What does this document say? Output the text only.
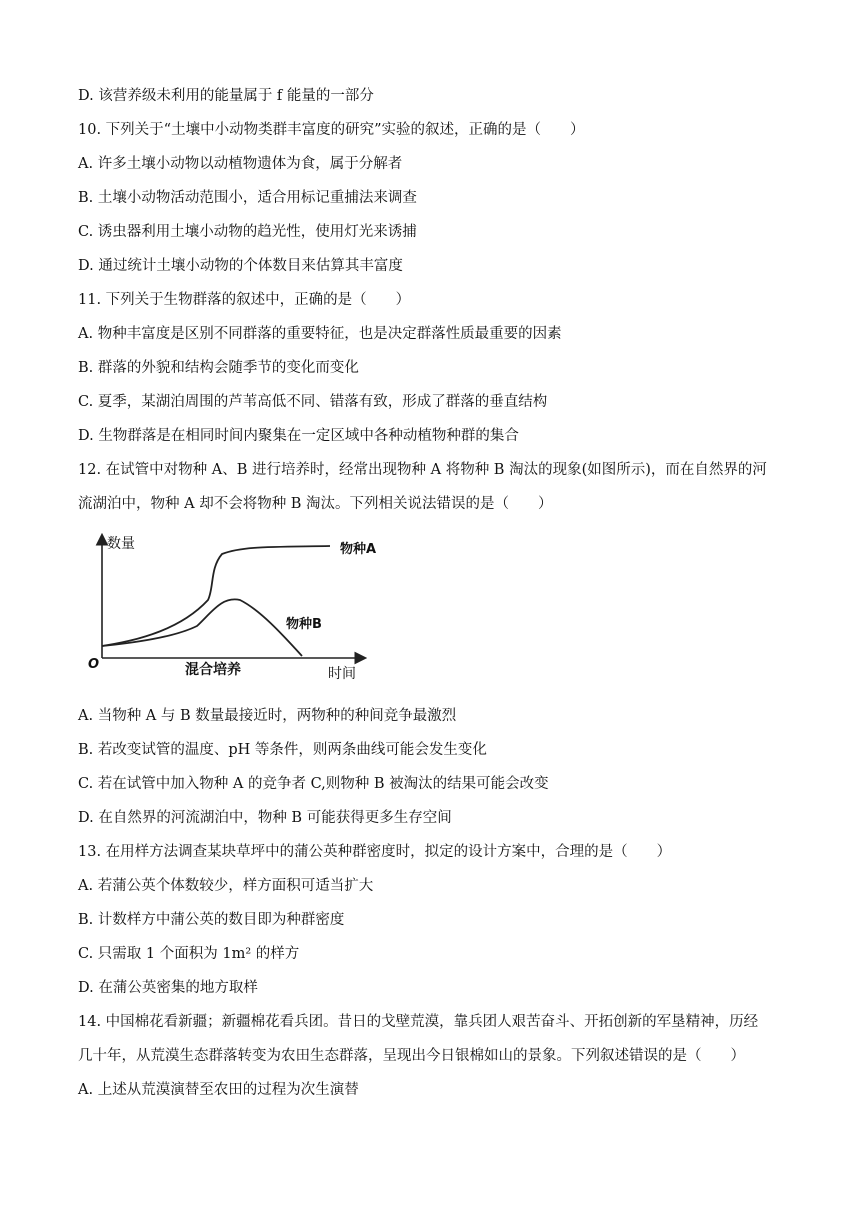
D. 该营养级未利用的能量属于 f 能量的一部分
10. 下列关于“土壤中小动物类群丰富度的研究”实验的叙述，正确的是（　　）
A. 许多土壤小动物以动植物遗体为食，属于分解者
B. 土壤小动物活动范围小，适合用标记重捕法来调查
C. 诱虫器利用土壤小动物的趋光性，使用灯光来诱捕
D. 通过统计土壤小动物的个体数目来估算其丰富度
11. 下列关于生物群落的叙述中，正确的是（　　）
A. 物种丰富度是区别不同群落的重要特征，也是决定群落性质最重要的因素
B. 群落的外貌和结构会随季节的变化而变化
C. 夏季，某湖泊周围的芦苇高低不同、错落有致，形成了群落的垂直结构
D. 生物群落是在相同时间内聚集在一定区域中各种动植物种群的集合
12. 在试管中对物种 A、B 进行培养时，经常出现物种 A 将物种 B 淘汰的现象(如图所示)，而在自然界的河
流湖泊中，物种 A 却不会将物种 B 淘汰。下列相关说法错误的是（　　）
数量
O	混合培养	时间
物种A
物种B
A. 当物种 A 与 B 数量最接近时，两物种的种间竞争最激烈
B. 若改变试管的温度、pH 等条件，则两条曲线可能会发生变化
C. 若在试管中加入物种 A 的竞争者 C,则物种 B 被淘汰的结果可能会改变
D. 在自然界的河流湖泊中，物种 B 可能获得更多生存空间
13. 在用样方法调查某块草坪中的蒲公英种群密度时，拟定的设计方案中，合理的是（　　）
A. 若蒲公英个体数较少，样方面积可适当扩大
B. 计数样方中蒲公英的数目即为种群密度
C. 只需取 1 个面积为 1m² 的样方
D. 在蒲公英密集的地方取样
14. 中国棉花看新疆；新疆棉花看兵团。昔日的戈壁荒漠，靠兵团人艰苦奋斗、开拓创新的军垦精神，历经
几十年，从荒漠生态群落转变为农田生态群落，呈现出今日银棉如山的景象。下列叙述错误的是（　　）
A. 上述从荒漠演替至农田的过程为次生演替
